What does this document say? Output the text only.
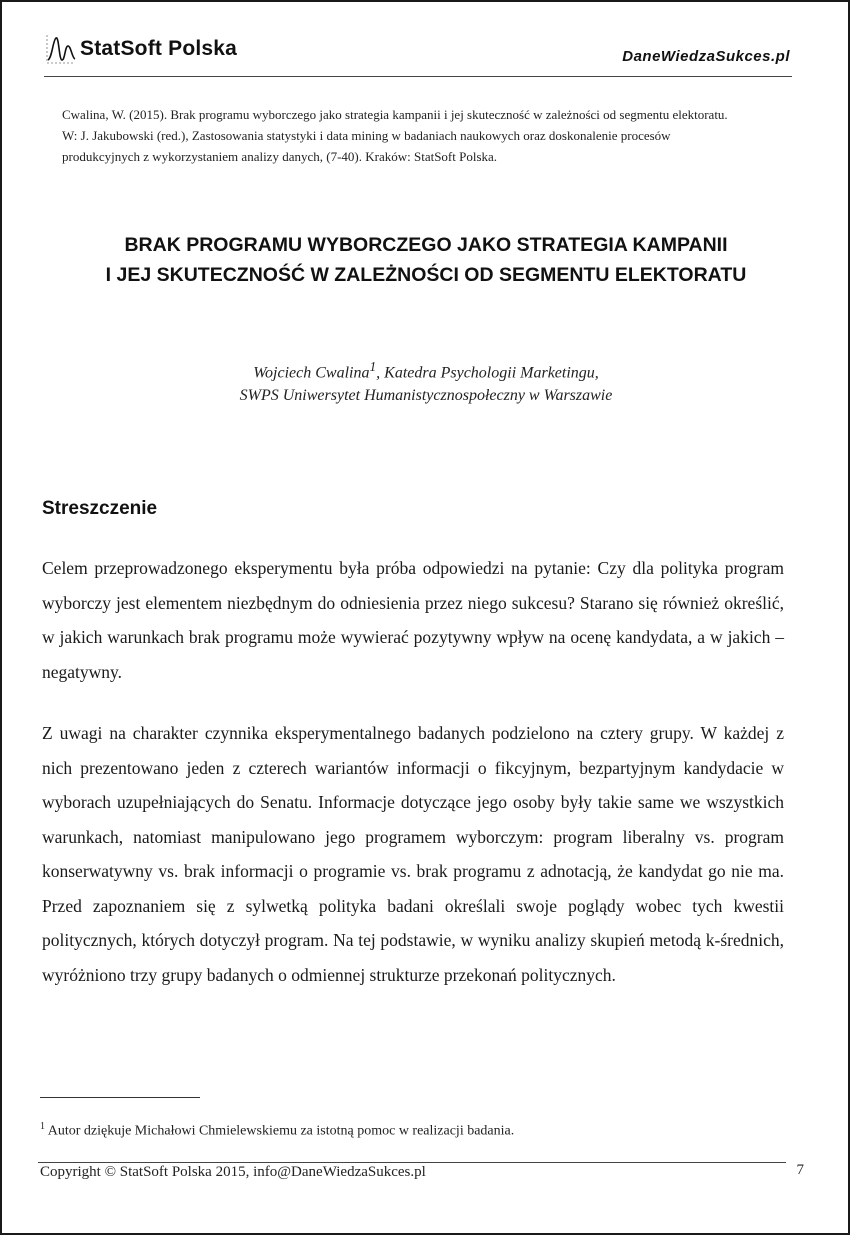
StatSoft Polska	DaneWiedzaSukces.pl
Cwalina, W. (2015). Brak programu wyborczego jako strategia kampanii i jej skuteczność w zależności od segmentu elektoratu.
W: J. Jakubowski (red.), Zastosowania statystyki i data mining w badaniach naukowych oraz doskonalenie procesów
produkcyjnych z wykorzystaniem analizy danych, (7-40). Kraków: StatSoft Polska.
BRAK PROGRAMU WYBORCZEGO JAKO STRATEGIA KAMPANII
I JEJ SKUTECZNOŚĆ W ZALEŻNOŚCI OD SEGMENTU ELEKTORATU
Wojciech Cwalina$^1$, Katedra Psychologii Marketingu,
SWPS Uniwersytet Humanistycznospołeczny w Warszawie
Streszczenie
Celem przeprowadzonego eksperymentu była próba odpowiedzi na pytanie: Czy dla polityka program wyborczy jest elementem niezbędnym do odniesienia przez niego sukcesu? Starano się również określić, w jakich warunkach brak programu może wywierać pozytywny wpływ na ocenę kandydata, a w jakich – negatywny.
Z uwagi na charakter czynnika eksperymentalnego badanych podzielono na cztery grupy. W każdej z nich prezentowano jeden z czterech wariantów informacji o fikcyjnym, bezpartyjnym kandydacie w wyborach uzupełniających do Senatu. Informacje dotyczące jego osoby były takie same we wszystkich warunkach, natomiast manipulowano jego programem wyborczym: program liberalny vs. program konserwatywny vs. brak informacji o programie vs. brak programu z adnotacją, że kandydat go nie ma. Przed zapoznaniem się z sylwetką polityka badani określali swoje poglądy wobec tych kwestii politycznych, których dotyczył program. Na tej podstawie, w wyniku analizy skupień metodą k-średnich, wyróżniono trzy grupy badanych o odmiennej strukturze przekonań politycznych.
$^1$ Autor dziękuje Michałowi Chmielewskiemu za istotną pomoc w realizacji badania.
Copyright © StatSoft Polska 2015, info@DaneWiedzaSukces.pl	7
